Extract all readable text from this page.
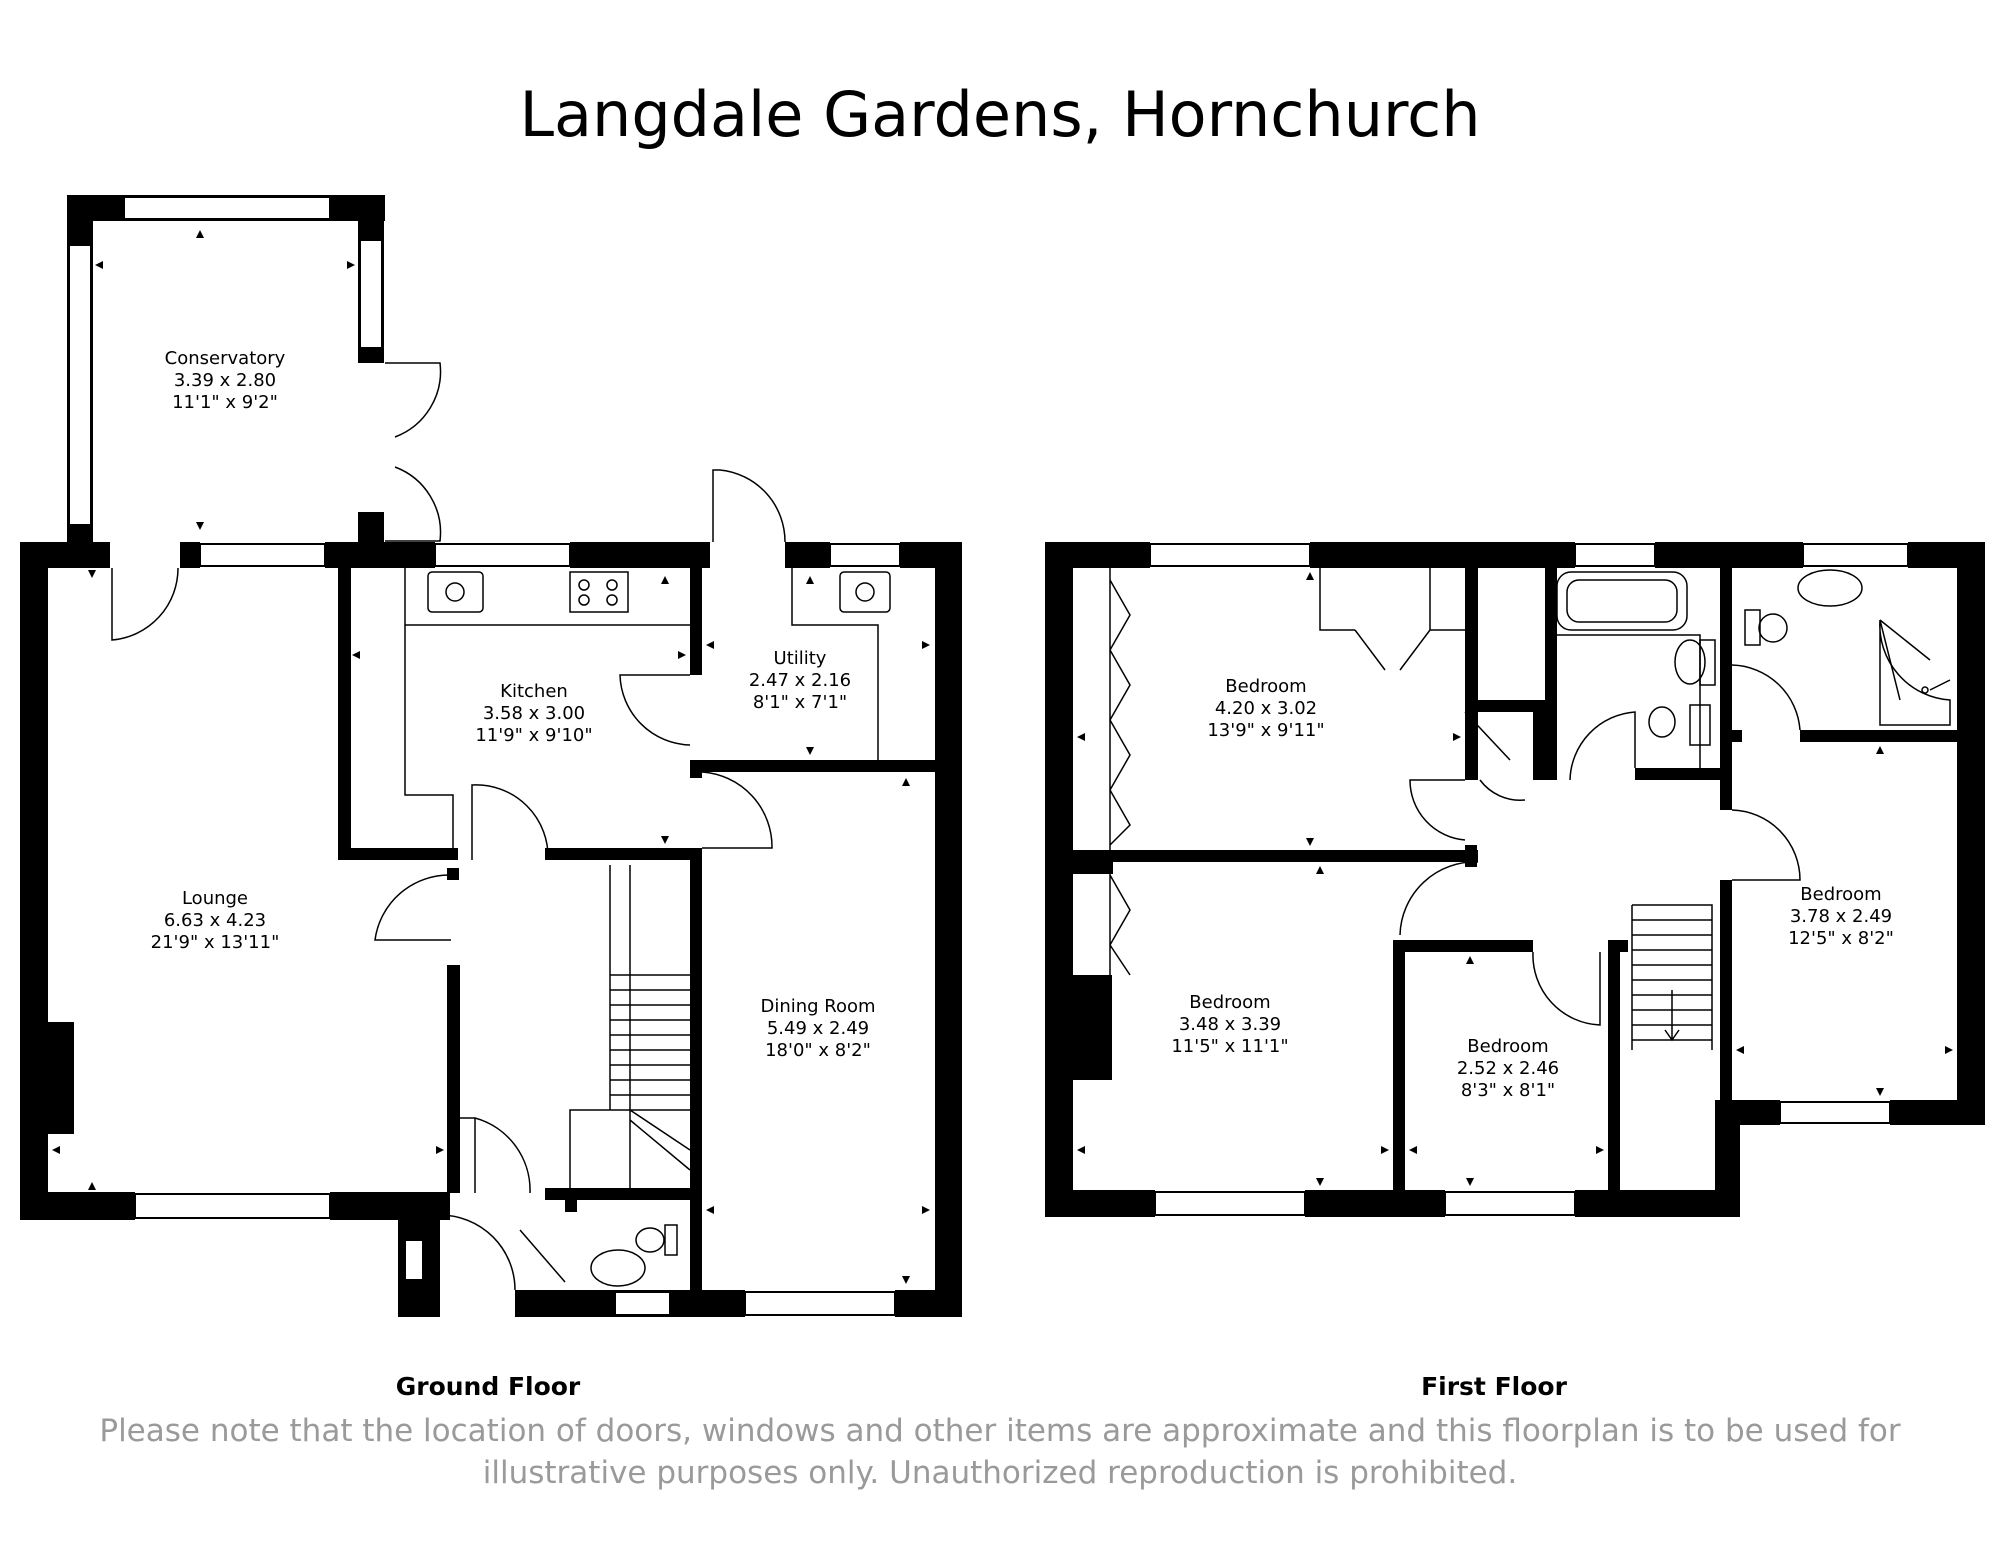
Langdale Gardens, Hornchurch
Conservatory
3.39 x 2.80
11'1" x 9'2"
Kitchen
3.58 x 3.00
11'9" x 9'10"
Utility
2.47 x 2.16
8'1" x 7'1"
Lounge
6.63 x 4.23
21'9" x 13'11"
Dining Room
5.49 x 2.49
18'0" x 8'2"
Bedroom
4.20 x 3.02
13'9" x 9'11"
Bedroom
3.48 x 3.39
11'5" x 11'1"	Bedroom
2.52 x 2.46
8'3" x 8'1"
Bedroom
3.78 x 2.49
12'5" x 8'2"
Ground Floor	First Floor
Please note that the location of doors, windows and other items are approximate and this floorplan is to be used for illustrative purposes only. Unauthorized reproduction is prohibited.
